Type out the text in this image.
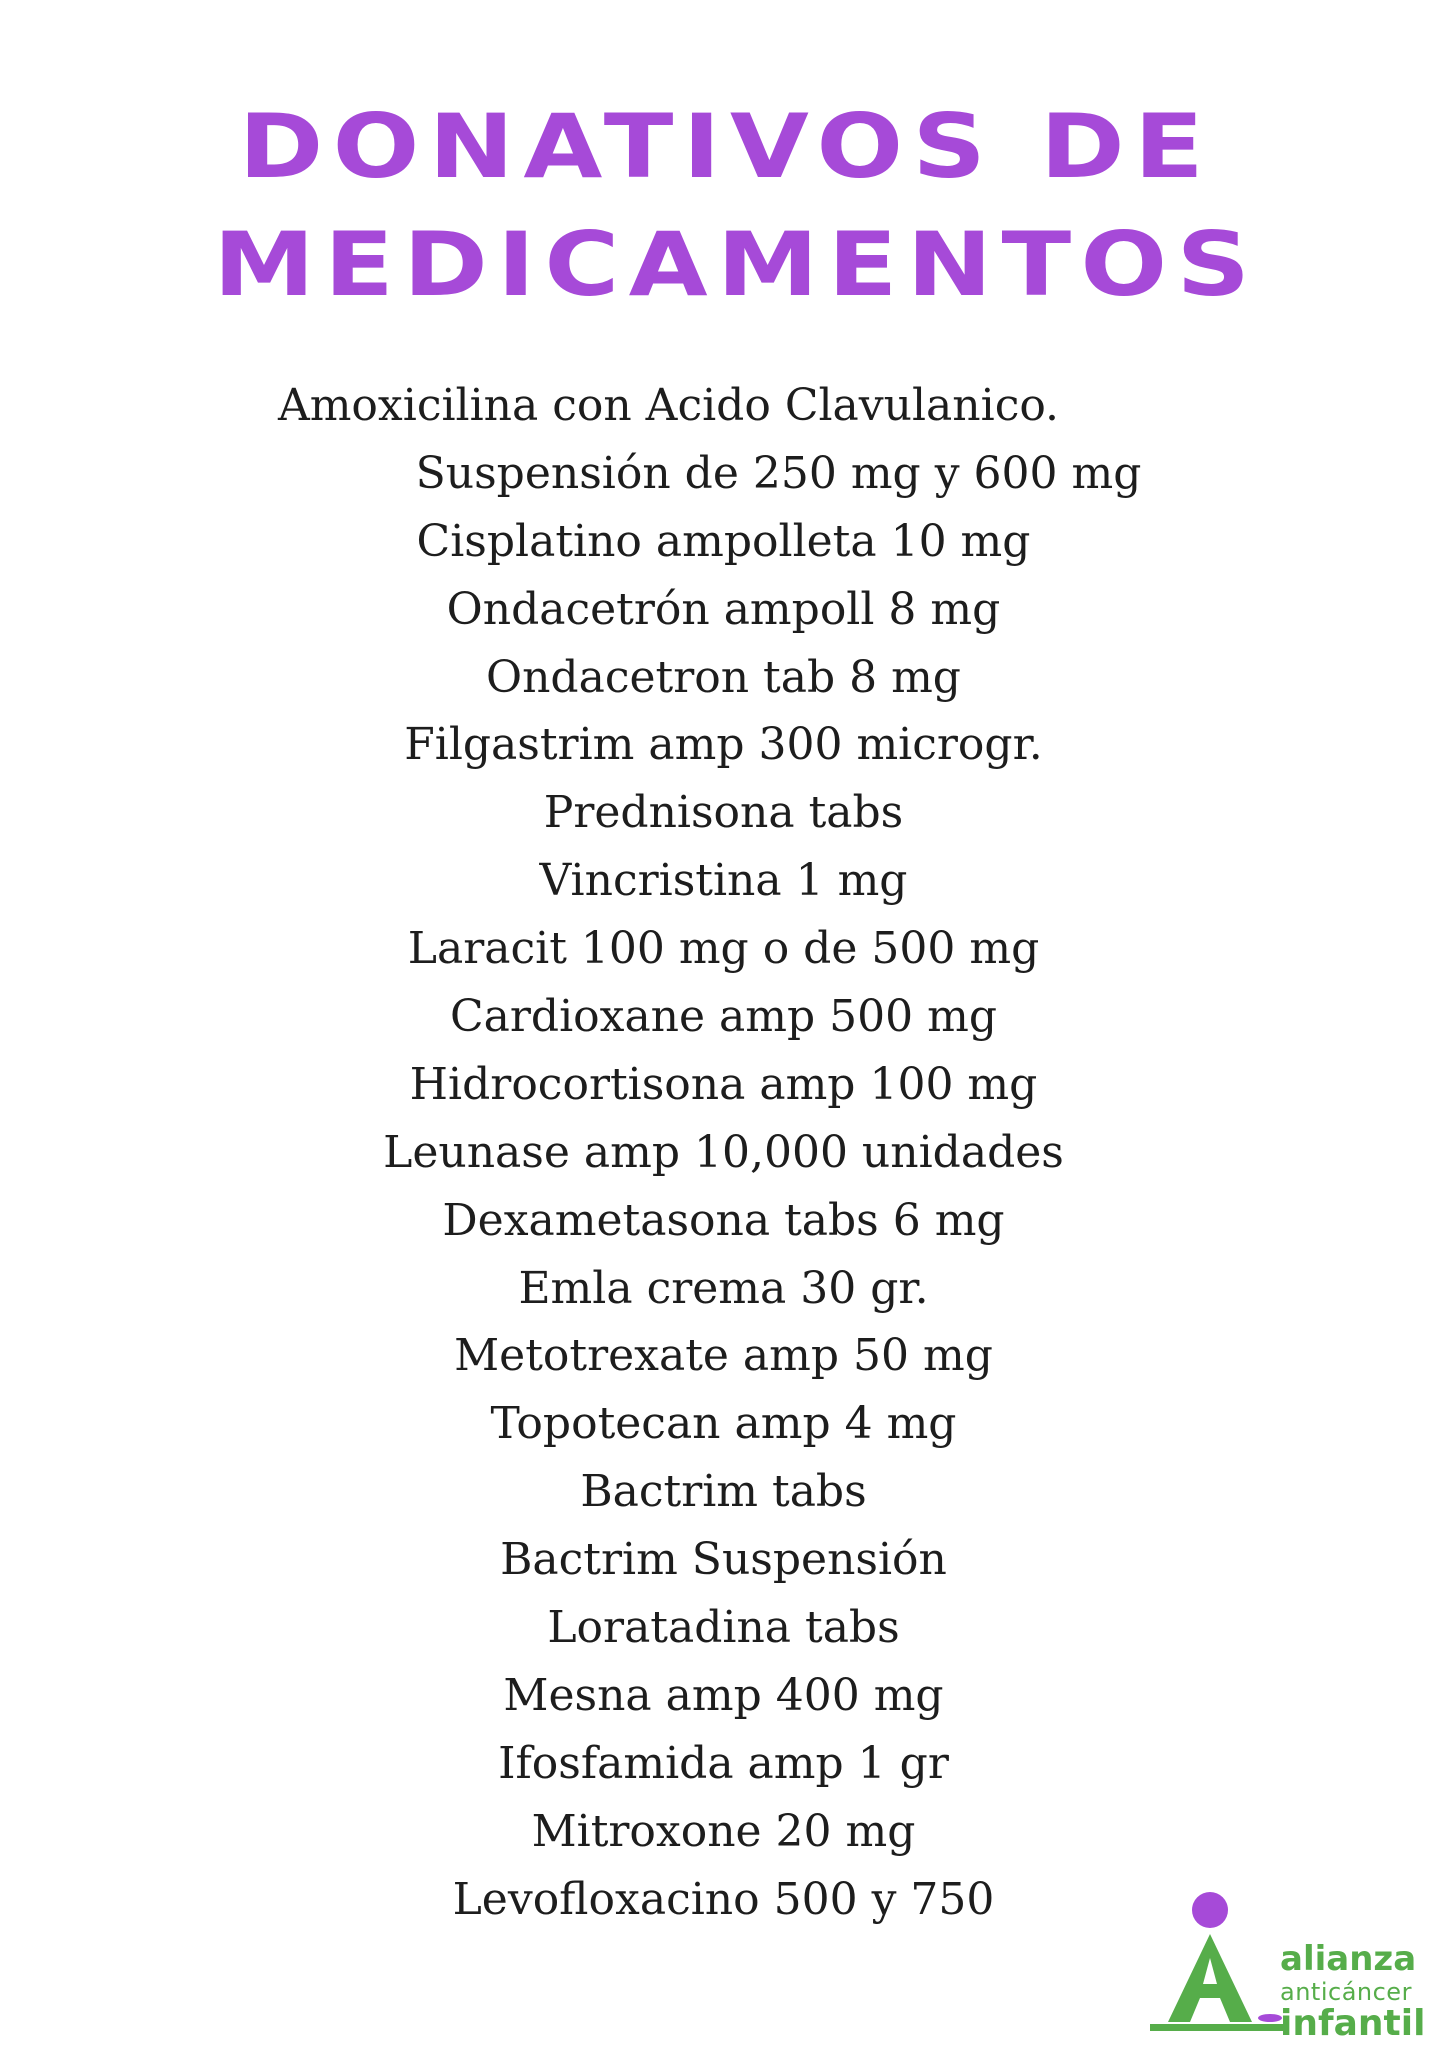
DONATIVOS DE
MEDICAMENTOS
Amoxicilina con Acido Clavulanico.
Suspensión de 250 mg y 600 mg
Cisplatino ampolleta 10 mg
Ondacetrón ampoll 8 mg
Ondacetron tab 8 mg
Filgastrim amp 300 microgr.
Prednisona tabs
Vincristina 1 mg
Laracit 100 mg o de 500 mg
Cardioxane amp 500 mg
Hidrocortisona amp 100 mg
Leunase amp 10,000 unidades
Dexametasona tabs 6 mg
Emla crema 30 gr.
Metotrexate amp 50 mg
Topotecan amp 4 mg
Bactrim tabs
Bactrim Suspensión
Loratadina tabs
Mesna amp 400 mg
Ifosfamida amp 1 gr
Mitroxone 20 mg
Levofloxacino 500 y 750
alianza
anticáncer
infantil
